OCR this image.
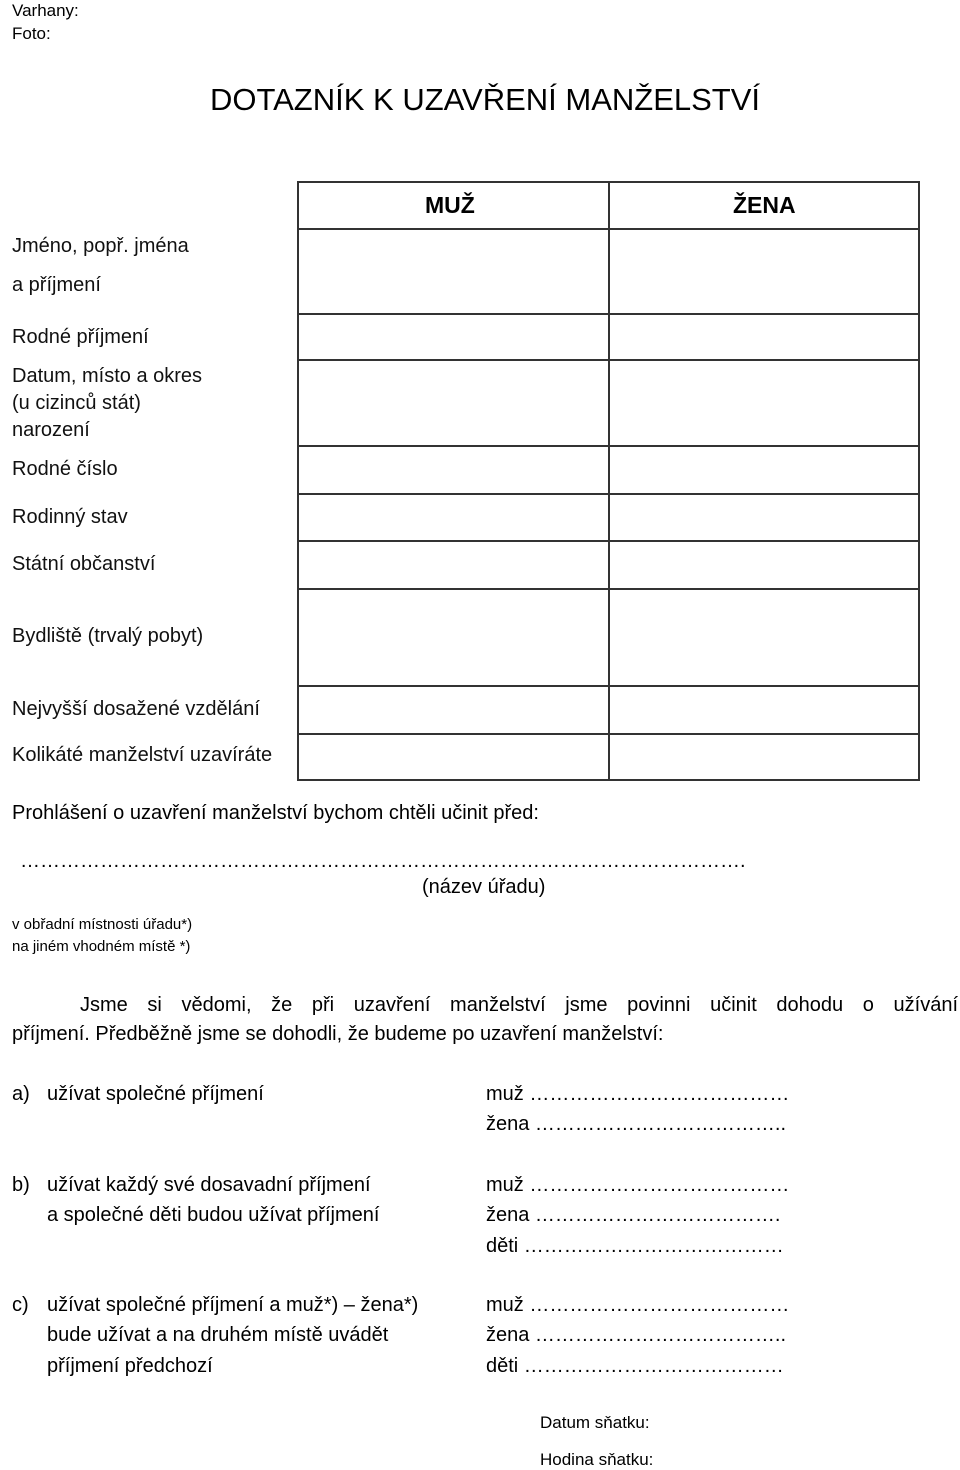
Varhany:
Foto:
DOTAZNÍK K UZAVŘENÍ MANŽELSTVÍ
MUŽ	ŽENA
Jméno, popř. jména
a příjmení
Rodné příjmení
Datum, místo a okres
(u cizinců stát)
narození
Rodné číslo
Rodinný stav
Státní občanství
Bydliště (trvalý pobyt)
Nejvyšší dosažené vzdělání
Kolikáté manželství uzavíráte
Prohlášení o uzavření manželství bychom chtěli učinit před:
……………………………………………………………………………………………….
(název úřadu)
v obřadní místnosti úřadu*)
na jiném vhodném místě *)
Jsme si vědomi, že při uzavření manželství jsme povinni učinit dohodu o užívání
příjmení. Předběžně jsme se dohodli, že budeme po uzavření manželství:
a) užívat společné příjmení	muž …………………………………
žena ………………………………..
b) užívat každý své dosavadní příjmení
a společné děti budou užívat příjmení
muž …………………………………
žena ……………………………….
děti …………………………………
c) užívat společné příjmení a muž*) – žena*)
bude užívat a na druhém místě uvádět
příjmení předchozí
muž …………………………………
žena ………………………………..
děti …………………………………
Datum sňatku:
Hodina sňatku:
